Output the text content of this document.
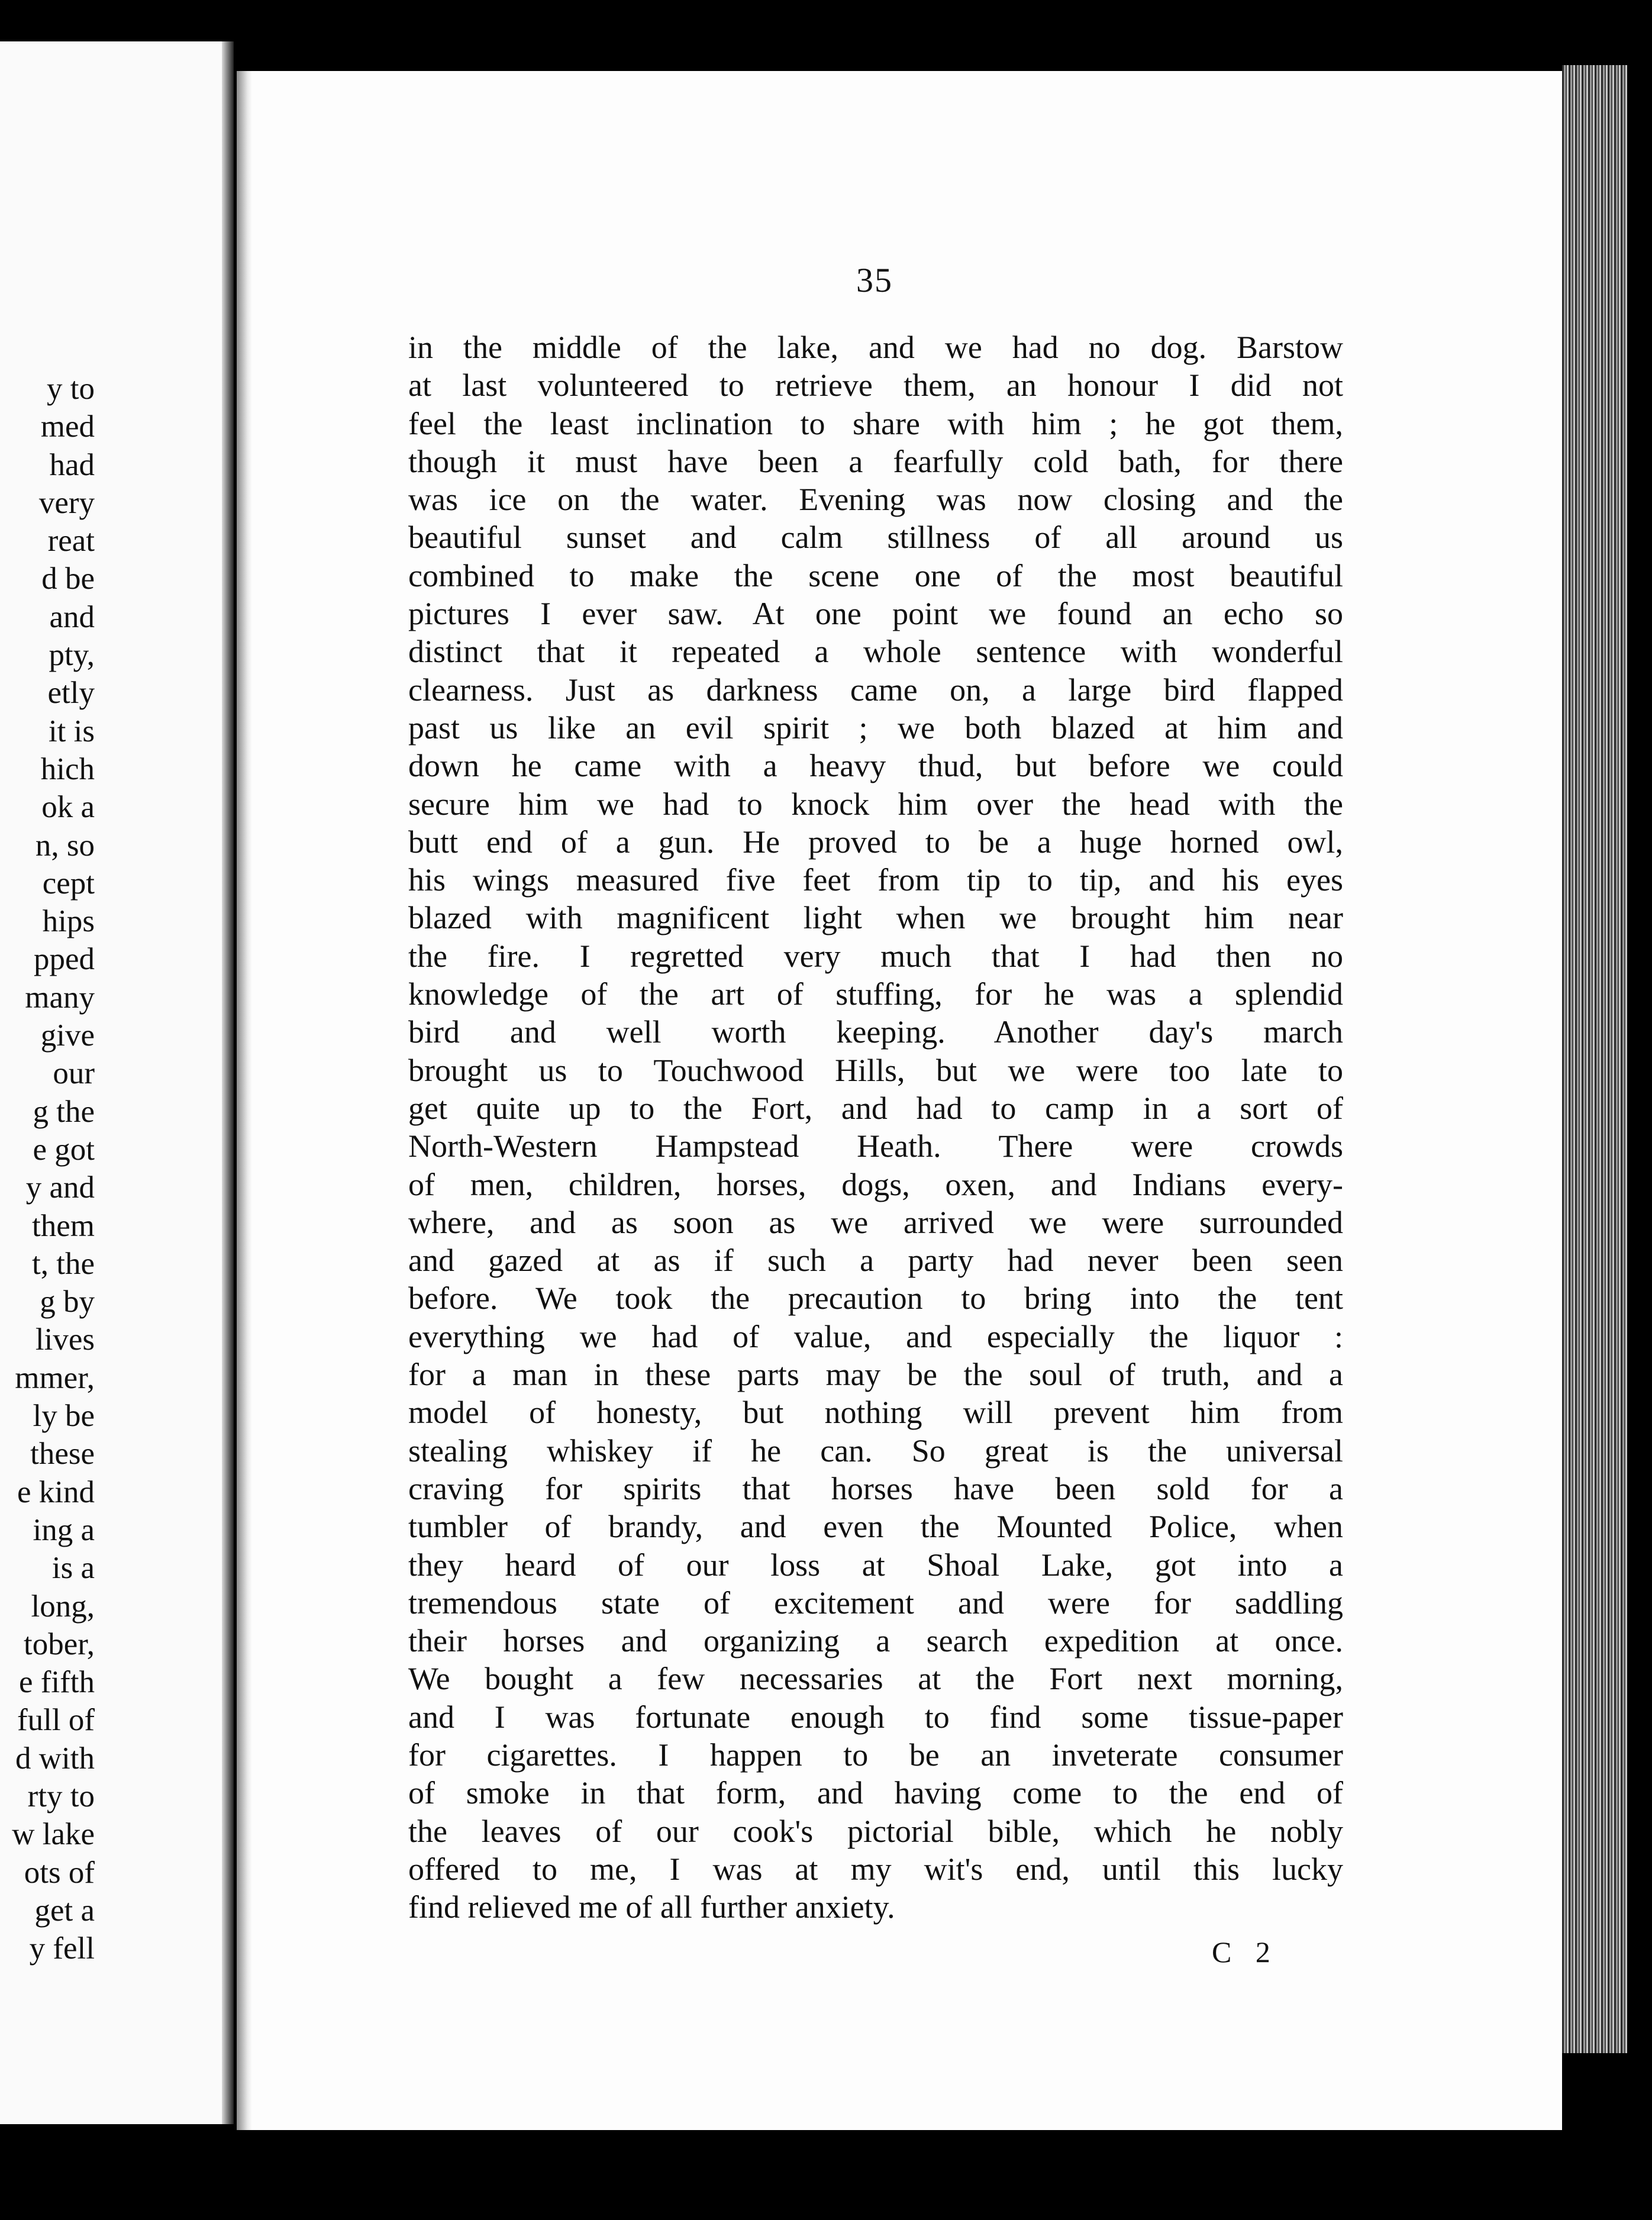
y to
med
had
very
reat
d be
and
pty,
etly
it is
hich
ok a
n, so
cept
hips
pped
many
give
our
g the
e got
y and
them
t, the
g by
lives
mmer,
ly be
these
e kind
ing a
is a
long,
tober,
e fifth
full of
d with
rty to
w lake
ots of
get a
y fell
35
in the middle of the lake, and we had no dog. Barstow
at last volunteered to retrieve them, an honour I did not
feel the least inclination to share with him ; he got them,
though it must have been a fearfully cold bath, for there
was ice on the water. Evening was now closing and the
beautiful sunset and calm stillness of all around us
combined to make the scene one of the most beautiful
pictures I ever saw. At one point we found an echo so
distinct that it repeated a whole sentence with wonderful
clearness. Just as darkness came on, a large bird flapped
past us like an evil spirit ; we both blazed at him and
down he came with a heavy thud, but before we could
secure him we had to knock him over the head with the
butt end of a gun. He proved to be a huge horned owl,
his wings measured five feet from tip to tip, and his eyes
blazed with magnificent light when we brought him near
the fire. I regretted very much that I had then no
knowledge of the art of stuffing, for he was a splendid
bird and well worth keeping. Another day's march
brought us to Touchwood Hills, but we were too late to
get quite up to the Fort, and had to camp in a sort of
North-Western Hampstead Heath. There were crowds
of men, children, horses, dogs, oxen, and Indians every-
where, and as soon as we arrived we were surrounded
and gazed at as if such a party had never been seen
before. We took the precaution to bring into the tent
everything we had of value, and especially the liquor :
for a man in these parts may be the soul of truth, and a
model of honesty, but nothing will prevent him from
stealing whiskey if he can. So great is the universal
craving for spirits that horses have been sold for a
tumbler of brandy, and even the Mounted Police, when
they heard of our loss at Shoal Lake, got into a
tremendous state of excitement and were for saddling
their horses and organizing a search expedition at once.
We bought a few necessaries at the Fort next morning,
and I was fortunate enough to find some tissue-paper
for cigarettes. I happen to be an inveterate consumer
of smoke in that form, and having come to the end of
the leaves of our cook's pictorial bible, which he nobly
offered to me, I was at my wit's end, until this lucky
find relieved me of all further anxiety.
C 2
